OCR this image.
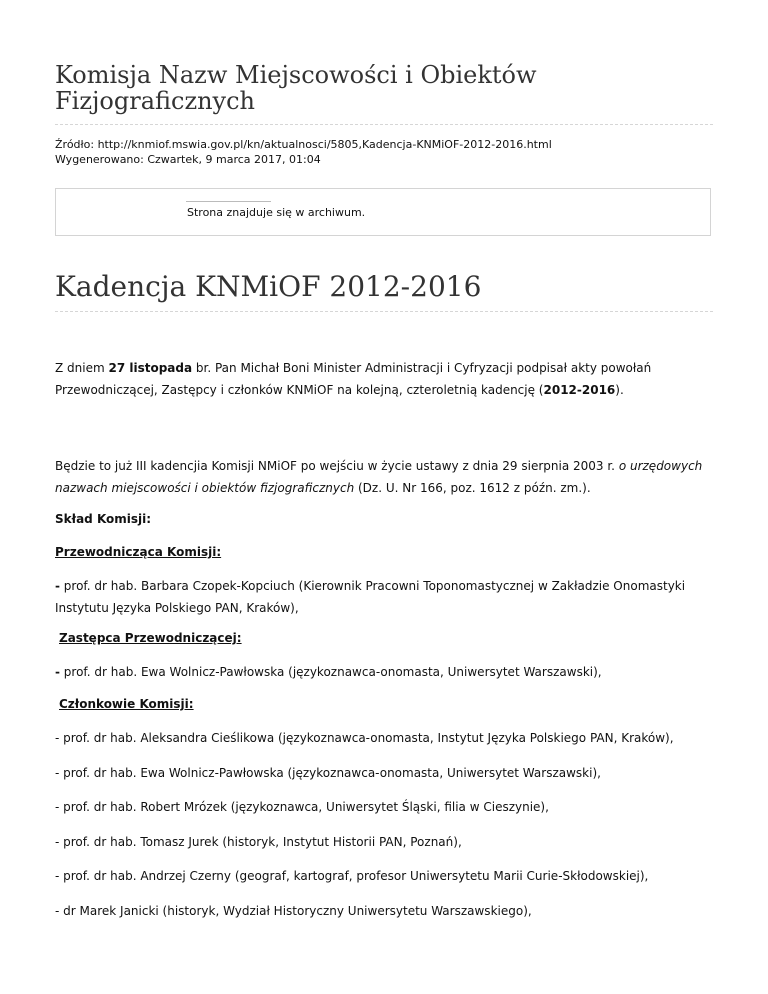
Komisja Nazw Miejscowości i Obiektów Fizjograficznych
Źródło: http://knmiof.mswia.gov.pl/kn/aktualnosci/5805,Kadencja-KNMiOF-2012-2016.html
Wygenerowano: Czwartek, 9 marca 2017, 01:04
Strona znajduje się w archiwum.
Kadencja KNMiOF 2012-2016

Z dniem 27 listopada br. Pan Michał Boni Minister Administracji i Cyfryzacji podpisał akty powołań Przewodniczącej, Zastępcy i członków KNMiOF na kolejną, czteroletnią kadencję (2012-2016).

Będzie to już III kadencjia Komisji NMiOF po wejściu w życie ustawy z dnia 29 sierpnia 2003 r. o urzędowych nazwach miejscowości i obiektów fizjograficznych (Dz. U. Nr 166, poz. 1612 z późn. zm.).

Skład Komisji:

Przewodnicząca Komisji:

- prof. dr hab. Barbara Czopek-Kopciuch (Kierownik Pracowni Toponomastycznej w Zakładzie Onomastyki Instytutu Języka Polskiego PAN, Kraków),

Zastępca Przewodniczącej:

- prof. dr hab. Ewa Wolnicz-Pawłowska (językoznawca-onomasta, Uniwersytet Warszawski),

Członkowie Komisji:

- prof. dr hab. Aleksandra Cieślikowa (językoznawca-onomasta, Instytut Języka Polskiego PAN, Kraków),

- prof. dr hab. Ewa Wolnicz-Pawłowska (językoznawca-onomasta, Uniwersytet Warszawski),

- prof. dr hab. Robert Mrózek (językoznawca, Uniwersytet Śląski, filia w Cieszynie),

- prof. dr hab. Tomasz Jurek (historyk, Instytut Historii PAN, Poznań),

- prof. dr hab. Andrzej Czerny (geograf, kartograf, profesor Uniwersytetu Marii Curie-Skłodowskiej),

- dr Marek Janicki (historyk, Wydział Historyczny Uniwersytetu Warszawskiego),
